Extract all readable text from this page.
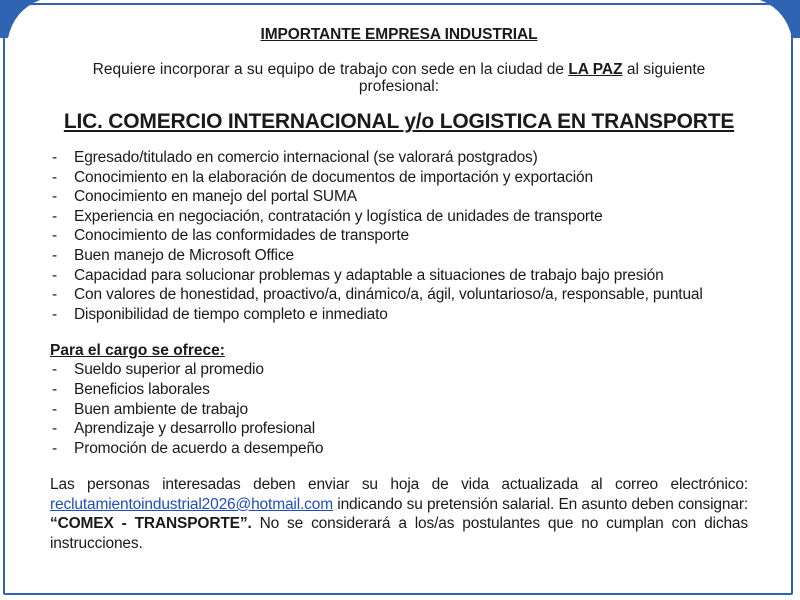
IMPORTANTE EMPRESA INDUSTRIAL
Requiere incorporar a su equipo de trabajo con sede en la ciudad de LA PAZ al siguiente profesional:
LIC. COMERCIO INTERNACIONAL y/o LOGISTICA EN TRANSPORTE
- Egresado/titulado en comercio internacional (se valorará postgrados)
- Conocimiento en la elaboración de documentos de importación y exportación
- Conocimiento en manejo del portal SUMA
- Experiencia en negociación, contratación y logística de unidades de transporte
- Conocimiento de las conformidades de transporte
- Buen manejo de Microsoft Office
- Capacidad para solucionar problemas y adaptable a situaciones de trabajo bajo presión
- Con valores de honestidad, proactivo/a, dinámico/a, ágil, voluntarioso/a, responsable, puntual
- Disponibilidad de tiempo completo e inmediato
Para el cargo se ofrece:
- Sueldo superior al promedio
- Beneficios laborales
- Buen ambiente de trabajo
- Aprendizaje y desarrollo profesional
- Promoción de acuerdo a desempeño
Las personas interesadas deben enviar su hoja de vida actualizada al correo electrónico: reclutamientoindustrial2026@hotmail.com indicando su pretensión salarial. En asunto deben consignar: “COMEX - TRANSPORTE”. No se considerará a los/as postulantes que no cumplan con dichas instrucciones.
